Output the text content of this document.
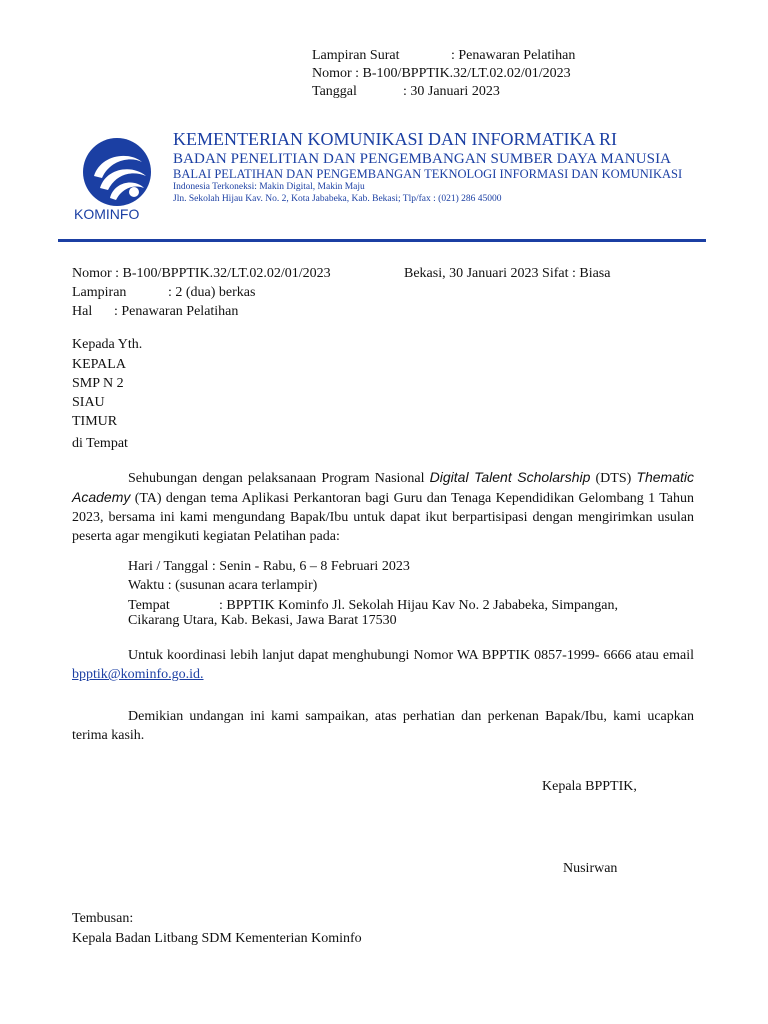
Lampiran Surat	: Penawaran Pelatihan
Nomor : B-100/BPPTIK.32/LT.02.02/01/2023
Tanggal	: 30 Januari 2023
KOMINFO
KEMENTERIAN KOMUNIKASI DAN INFORMATIKA RI
BADAN PENELITIAN DAN PENGEMBANGAN SUMBER DAYA MANUSIA
BALAI PELATIHAN DAN PENGEMBANGAN TEKNOLOGI INFORMASI DAN KOMUNIKASI
Indonesia Terkoneksi: Makin Digital, Makin Maju
Jln. Sekolah Hijau Kav. No. 2, Kota Jababeka, Kab. Bekasi; Tlp/fax : (021) 286 45000
Nomor : B-100/BPPTIK.32/LT.02.02/01/2023	Bekasi, 30 Januari 2023 Sifat : Biasa
Lampiran	: 2 (dua) berkas
Hal : Penawaran Pelatihan
Kepada Yth.
KEPALA
SMP N 2
SIAU
TIMUR
di Tempat
Sehubungan dengan pelaksanaan Program Nasional Digital Talent Scholarship (DTS) Thematic Academy (TA) dengan tema Aplikasi Perkantoran bagi Guru dan Tenaga Kependidikan Gelombang 1 Tahun 2023, bersama ini kami mengundang Bapak/Ibu untuk dapat ikut berpartisipasi dengan mengirimkan usulan peserta agar mengikuti kegiatan Pelatihan pada:
Hari / Tanggal : Senin - Rabu, 6 – 8 Februari 2023
Waktu : (susunan acara terlampir)
Tempat	: BPPTIK Kominfo Jl. Sekolah Hijau Kav No. 2 Jababeka, Simpangan,
Cikarang Utara, Kab. Bekasi, Jawa Barat 17530
Untuk koordinasi lebih lanjut dapat menghubungi Nomor WA BPPTIK 0857-1999- 6666 atau email bpptik@kominfo.go.id.
Demikian undangan ini kami sampaikan, atas perhatian dan perkenan Bapak/Ibu, kami ucapkan terima kasih.
Kepala BPPTIK,
Nusirwan
Tembusan:
Kepala Badan Litbang SDM Kementerian Kominfo
